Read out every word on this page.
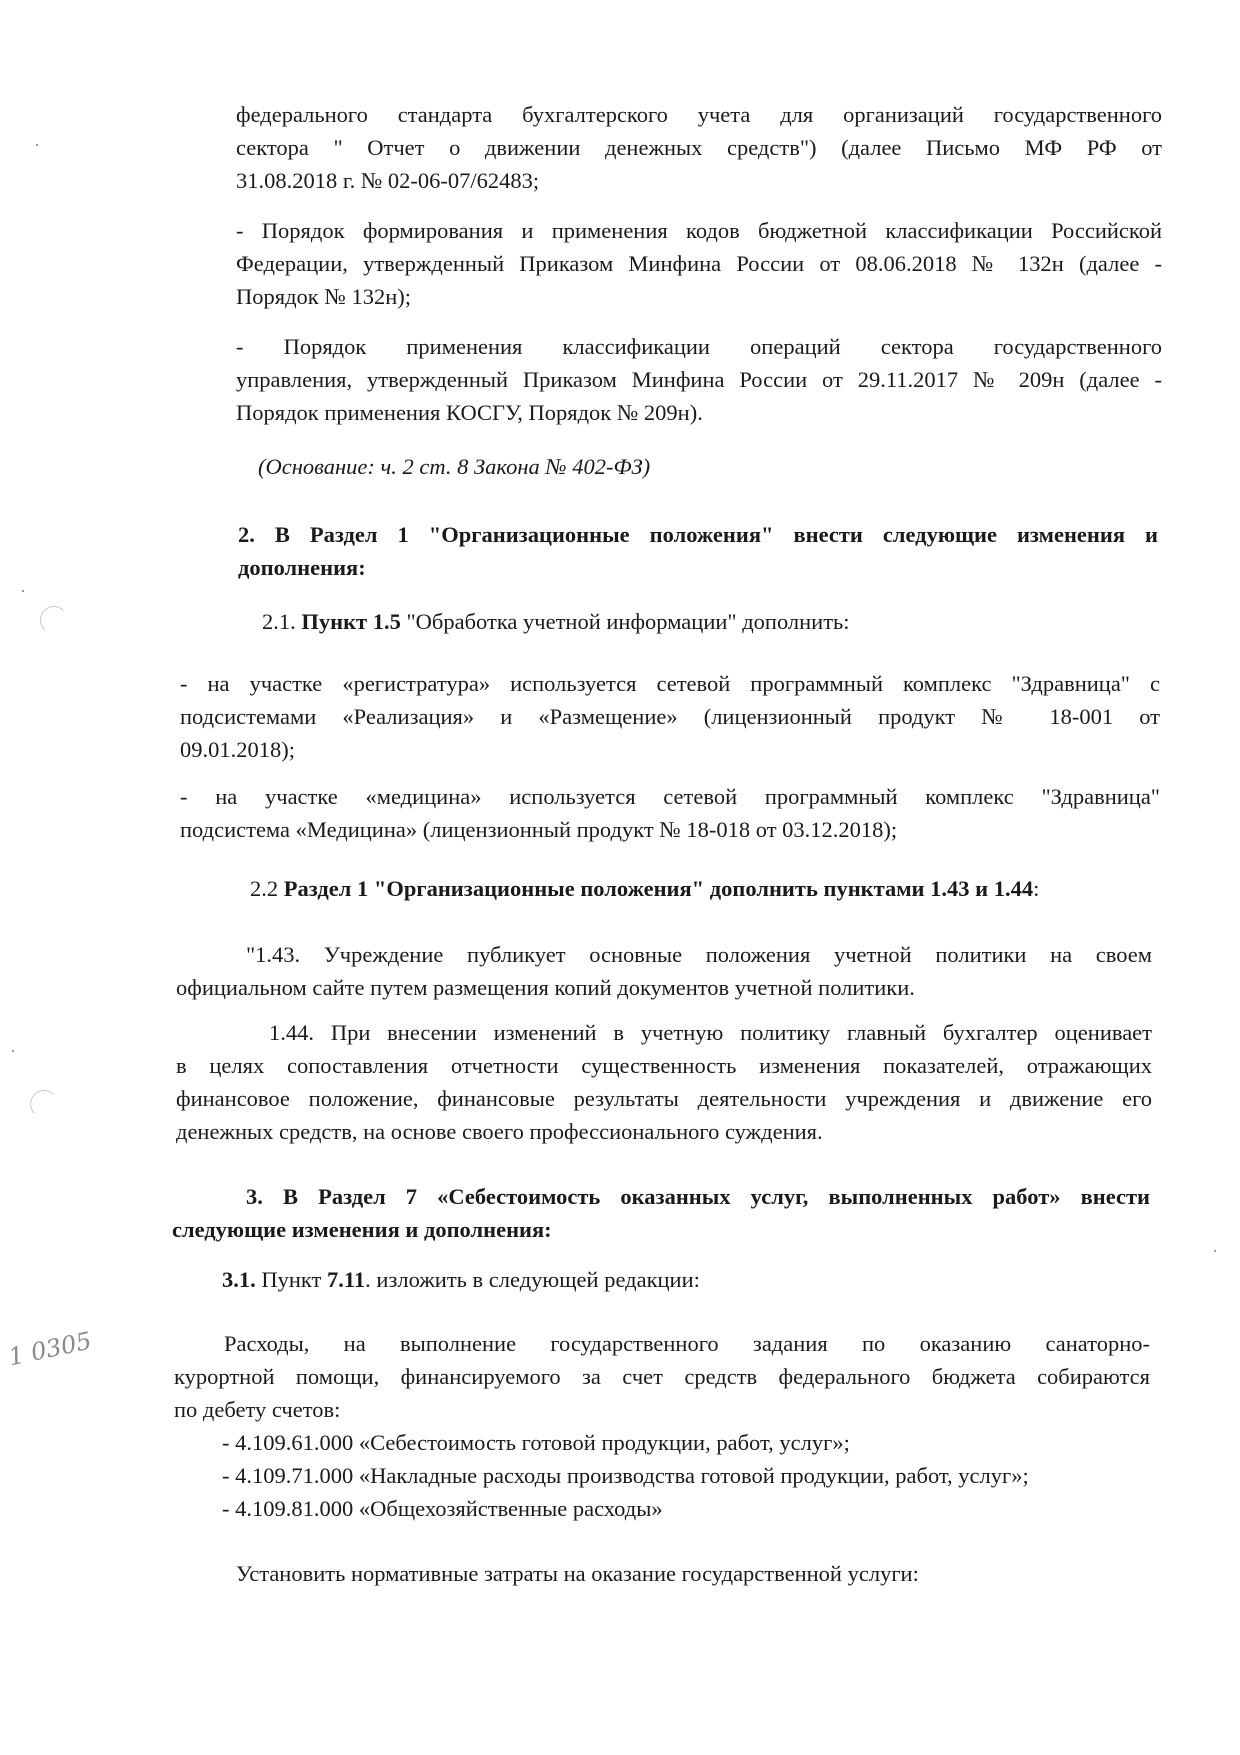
федерального стандарта бухгалтерского учета для организаций государственного
сектора " Отчет о движении денежных средств") (далее Письмо МФ РФ от
31.08.2018 г. № 02-06-07/62483;
- Порядок формирования и применения кодов бюджетной классификации Российской
Федерации, утвержденный Приказом Минфина России от 08.06.2018 № 132н (далее -
Порядок № 132н);
- Порядок применения классификации операций сектора государственного
управления, утвержденный Приказом Минфина России от 29.11.2017 № 209н (далее -
Порядок применения КОСГУ, Порядок № 209н).
(Основание: ч. 2 ст. 8 Закона № 402-ФЗ)
2. В Раздел 1 "Организационные положения" внести следующие изменения и
дополнения:
2.1. Пункт 1.5 "Обработка учетной информации" дополнить:
- на участке «регистратура» используется сетевой программный комплекс "Здравница" с
подсистемами «Реализация» и «Размещение» (лицензионный продукт № 18-001 от
09.01.2018);
- на участке «медицина» используется сетевой программный комплекс "Здравница"
подсистема «Медицина» (лицензионный продукт № 18-018 от 03.12.2018);
2.2 Раздел 1 "Организационные положения" дополнить пунктами 1.43 и 1.44:
"1.43. Учреждение публикует основные положения учетной политики на своем
официальном сайте путем размещения копий документов учетной политики.
1.44. При внесении изменений в учетную политику главный бухгалтер оценивает
в целях сопоставления отчетности существенность изменения показателей, отражающих
финансовое положение, финансовые результаты деятельности учреждения и движение его
денежных средств, на основе своего профессионального суждения.
3. В Раздел 7 «Себестоимость оказанных услуг, выполненных работ» внести
следующие изменения и дополнения:
3.1. Пункт 7.11. изложить в следующей редакции:
Расходы, на выполнение государственного задания по оказанию санаторно-
курортной помощи, финансируемого за счет средств федерального бюджета собираются
по дебету счетов:
- 4.109.61.000 «Себестоимость готовой продукции, работ, услуг»;
- 4.109.71.000 «Накладные расходы производства готовой продукции, работ, услуг»;
- 4.109.81.000 «Общехозяйственные расходы»
Установить нормативные затраты на оказание государственной услуги:
1 0305
